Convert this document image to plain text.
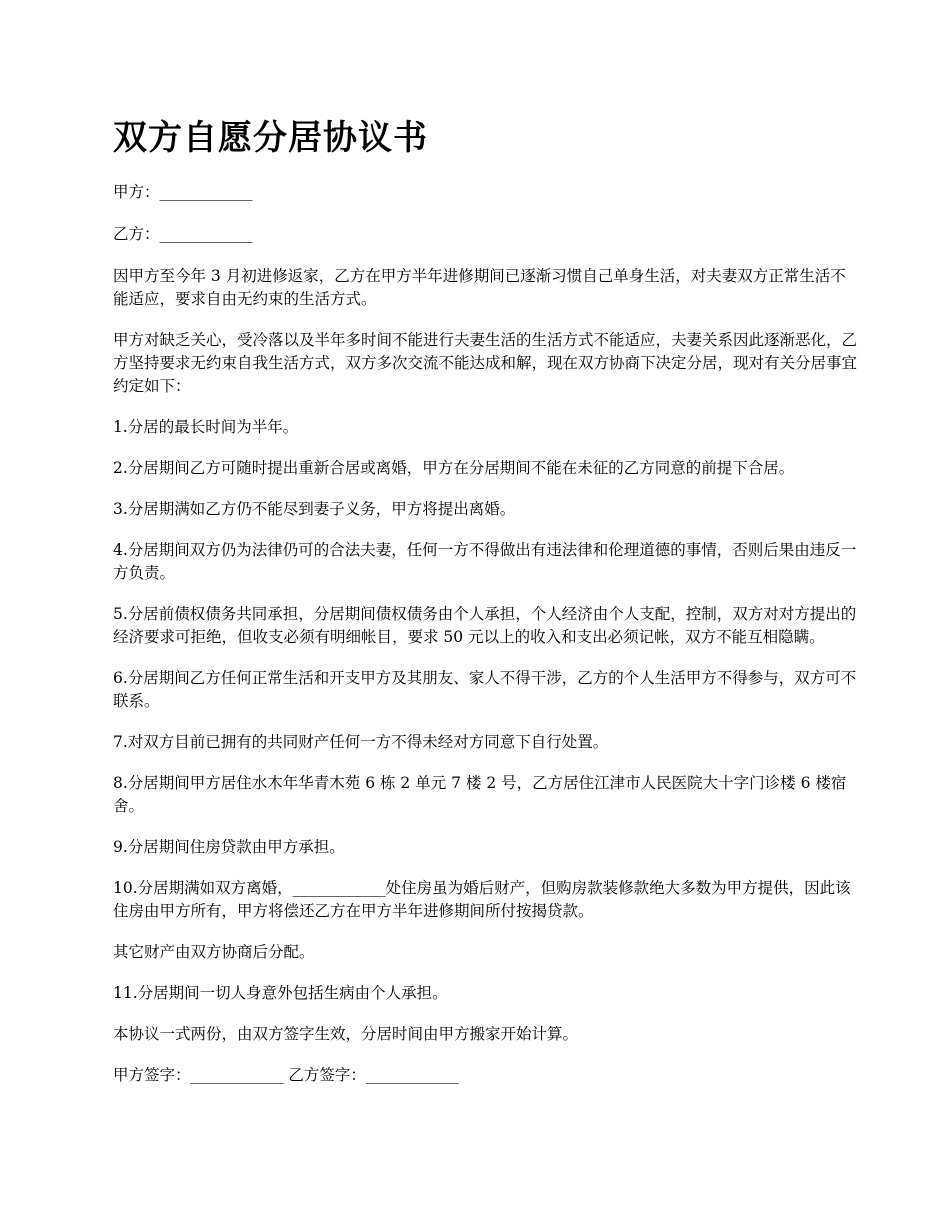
双方自愿分居协议书

甲方：____________

乙方：____________

因甲方至今年 3 月初进修返家，乙方在甲方半年进修期间已逐渐习惯自己单身生活，对夫妻双方正常生活不能适应，要求自由无约束的生活方式。

甲方对缺乏关心，受冷落以及半年多时间不能进行夫妻生活的生活方式不能适应，夫妻关系因此逐渐恶化，乙方坚持要求无约束自我生活方式，双方多次交流不能达成和解，现在双方协商下决定分居，现对有关分居事宜约定如下：

1.分居的最长时间为半年。

2.分居期间乙方可随时提出重新合居或离婚，甲方在分居期间不能在未征的乙方同意的前提下合居。

3.分居期满如乙方仍不能尽到妻子义务，甲方将提出离婚。

4.分居期间双方仍为法律仍可的合法夫妻，任何一方不得做出有违法律和伦理道德的事情，否则后果由违反一方负责。

5.分居前债权债务共同承担，分居期间债权债务由个人承担，个人经济由个人支配，控制，双方对对方提出的经济要求可拒绝，但收支必须有明细帐目，要求 50 元以上的收入和支出必须记帐，双方不能互相隐瞒。

6.分居期间乙方任何正常生活和开支甲方及其朋友、家人不得干涉，乙方的个人生活甲方不得参与，双方可不联系。

7.对双方目前已拥有的共同财产任何一方不得未经对方同意下自行处置。

8.分居期间甲方居住水木年华青木苑 6 栋 2 单元 7 楼 2 号，乙方居住江津市人民医院大十字门诊楼 6 楼宿舍。

9.分居期间住房贷款由甲方承担。

10.分居期满如双方离婚，____________处住房虽为婚后财产，但购房款装修款绝大多数为甲方提供，因此该住房由甲方所有，甲方将偿还乙方在甲方半年进修期间所付按揭贷款。

其它财产由双方协商后分配。

11.分居期间一切人身意外包括生病由个人承担。

本协议一式两份，由双方签字生效，分居时间由甲方搬家开始计算。

甲方签字：____________ 乙方签字：____________
